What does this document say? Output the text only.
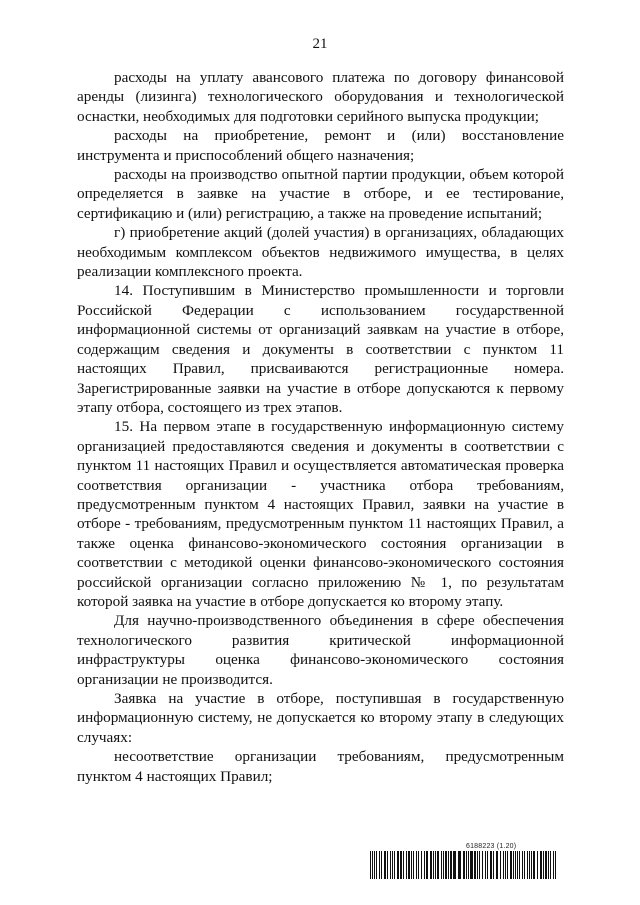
21

расходы на уплату авансового платежа по договору финансовой аренды (лизинга) технологического оборудования и технологической оснастки, необходимых для подготовки серийного выпуска продукции;

расходы на приобретение, ремонт и (или) восстановление инструмента и приспособлений общего назначения;

расходы на производство опытной партии продукции, объем которой определяется в заявке на участие в отборе, и ее тестирование, сертификацию и (или) регистрацию, а также на проведение испытаний;

г) приобретение акций (долей участия) в организациях, обладающих необходимым комплексом объектов недвижимого имущества, в целях реализации комплексного проекта.

14. Поступившим в Министерство промышленности и торговли Российской Федерации с использованием государственной информационной системы от организаций заявкам на участие в отборе, содержащим сведения и документы в соответствии с пунктом 11 настоящих Правил, присваиваются регистрационные номера. Зарегистрированные заявки на участие в отборе допускаются к первому этапу отбора, состоящего из трех этапов.

15. На первом этапе в государственную информационную систему организацией предоставляются сведения и документы в соответствии с пунктом 11 настоящих Правил и осуществляется автоматическая проверка соответствия организации - участника отбора требованиям, предусмотренным пунктом 4 настоящих Правил, заявки на участие в отборе - требованиям, предусмотренным пунктом 11 настоящих Правил, а также оценка финансово-экономического состояния организации в соответствии с методикой оценки финансово-экономического состояния российской организации согласно приложению № 1, по результатам которой заявка на участие в отборе допускается ко второму этапу.

Для научно-производственного объединения в сфере обеспечения технологического развития критической информационной инфраструктуры оценка финансово-экономического состояния организации не производится.

Заявка на участие в отборе, поступившая в государственную информационную систему, не допускается ко второму этапу в следующих случаях:

несоответствие организации требованиям, предусмотренным пунктом 4 настоящих Правил;

6188223 (1.20)
